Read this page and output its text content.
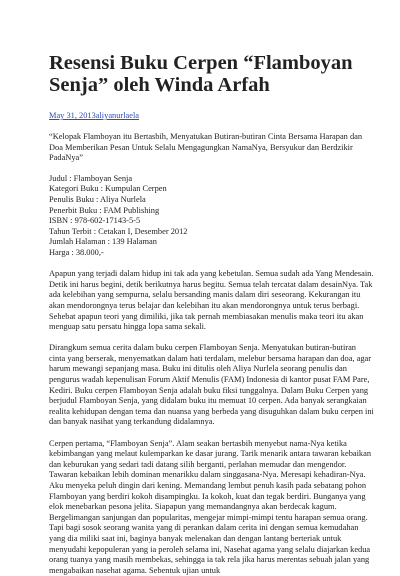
Resensi Buku Cerpen “Flamboyan Senja” oleh Winda Arfah
May 31, 2013aliyanurlaela

“Kelopak Flamboyan itu Bertasbih, Menyatukan Butiran-butiran Cinta Bersama Harapan dan Doa Memberikan Pesan Untuk Selalu Mengagungkan NamaNya, Bersyukur dan Berdzikir PadaNya”

Judul : Flamboyan Senja
Kategori Buku : Kumpulan Cerpen
Penulis Buku : Aliya Nurlela
Penerbit Buku : FAM Publishing
ISBN : 978-602-17143-5-5
Tahun Terbit : Cetakan I, Desember 2012
Jumlah Halaman : 139 Halaman
Harga : 38.000,-

Apapun yang terjadi dalam hidup ini tak ada yang kebetulan. Semua sudah ada Yang Mendesain. Detik ini harus begini, detik berikutnya harus begitu. Semua telah tercatat dalam desainNya. Tak ada kelebihan yang sempurna, selalu bersanding manis dalam diri seseorang. Kekurangan itu akan mendorongnya terus belajar dan kelebihan itu akan mendorongnya untuk terus berbagi. Sehebat apapun teori yang dimiliki, jika tak pernah membiasakan menulis maka teori itu akan menguap satu persatu hingga lopa sama sekali.

Dirangkum semua cerita dalam buku cerpen Flamboyan Senja. Menyatukan butiran-butiran cinta yang berserak, menyematkan dalam hati terdalam, melebur bersama harapan dan doa, agar harum mewangi sepanjang masa. Buku ini ditulis oleh Aliya Nurlela seorang penulis dan pengurus wadah kepenulisan Forum Aktif Menulis (FAM) Indonesia di kantor pusat FAM Pare, Kediri. Buku cerpen Flamboyan Senja adalah buku fiksi tunggalnya. Dalam Buku Cerpen yang berjudul Flamboyan Senja, yang didalam buku itu memuat 10 cerpen. Ada banyak serangkaian realita kehidupan dengan tema dan nuansa yang berbeda yang disuguhkan dalam buku cerpen ini dan banyak nasihat yang terkandung didalamnya.

Cerpen pertama, “Flamboyan Senja”. Alam seakan bertasbih menyebut nama-Nya ketika kebimbangan yang melaut kulemparkan ke dasar jurang. Tarik menarik antara tawaran kebaikan dan keburukan yang sedari tadi datang silih berganti, perlahan memudar dan mengendor. Tawaran kebaikan lebih dominan menarikku dalam singgasana-Nya. Meresapi kehadiran-Nya. Aku menyeka peluh dingin dari kening. Memandang lembut penuh kasih pada sebatang pohon Flamboyan yang berdiri kokoh disampingku. Ia kokoh, kuat dan tegak berdiri. Bunganya yang elok menebarkan pesona jelita. Siapapun yang memandangnya akan berdecak kagum. Bergelimangan sanjungan dan popularitas, mengejar mimpi-mimpi tentu harapan semua orang. Tapi bagi sosok seorang wanita yang di perankan dalam cerita ini dengan semua kemudahan yang dia miliki saat ini, baginya banyak melenakan dan dengan lantang berteriak untuk menyudahi kepopuleran yang ia peroleh selama ini, Nasehat agama yang selalu diajarkan kedua orang tuanya yang masih membekas, sehingga ia tak rela jika harus merentas sebuah jalan yang mengabaikan nasehat agama. Sebentuk ujian untuk
